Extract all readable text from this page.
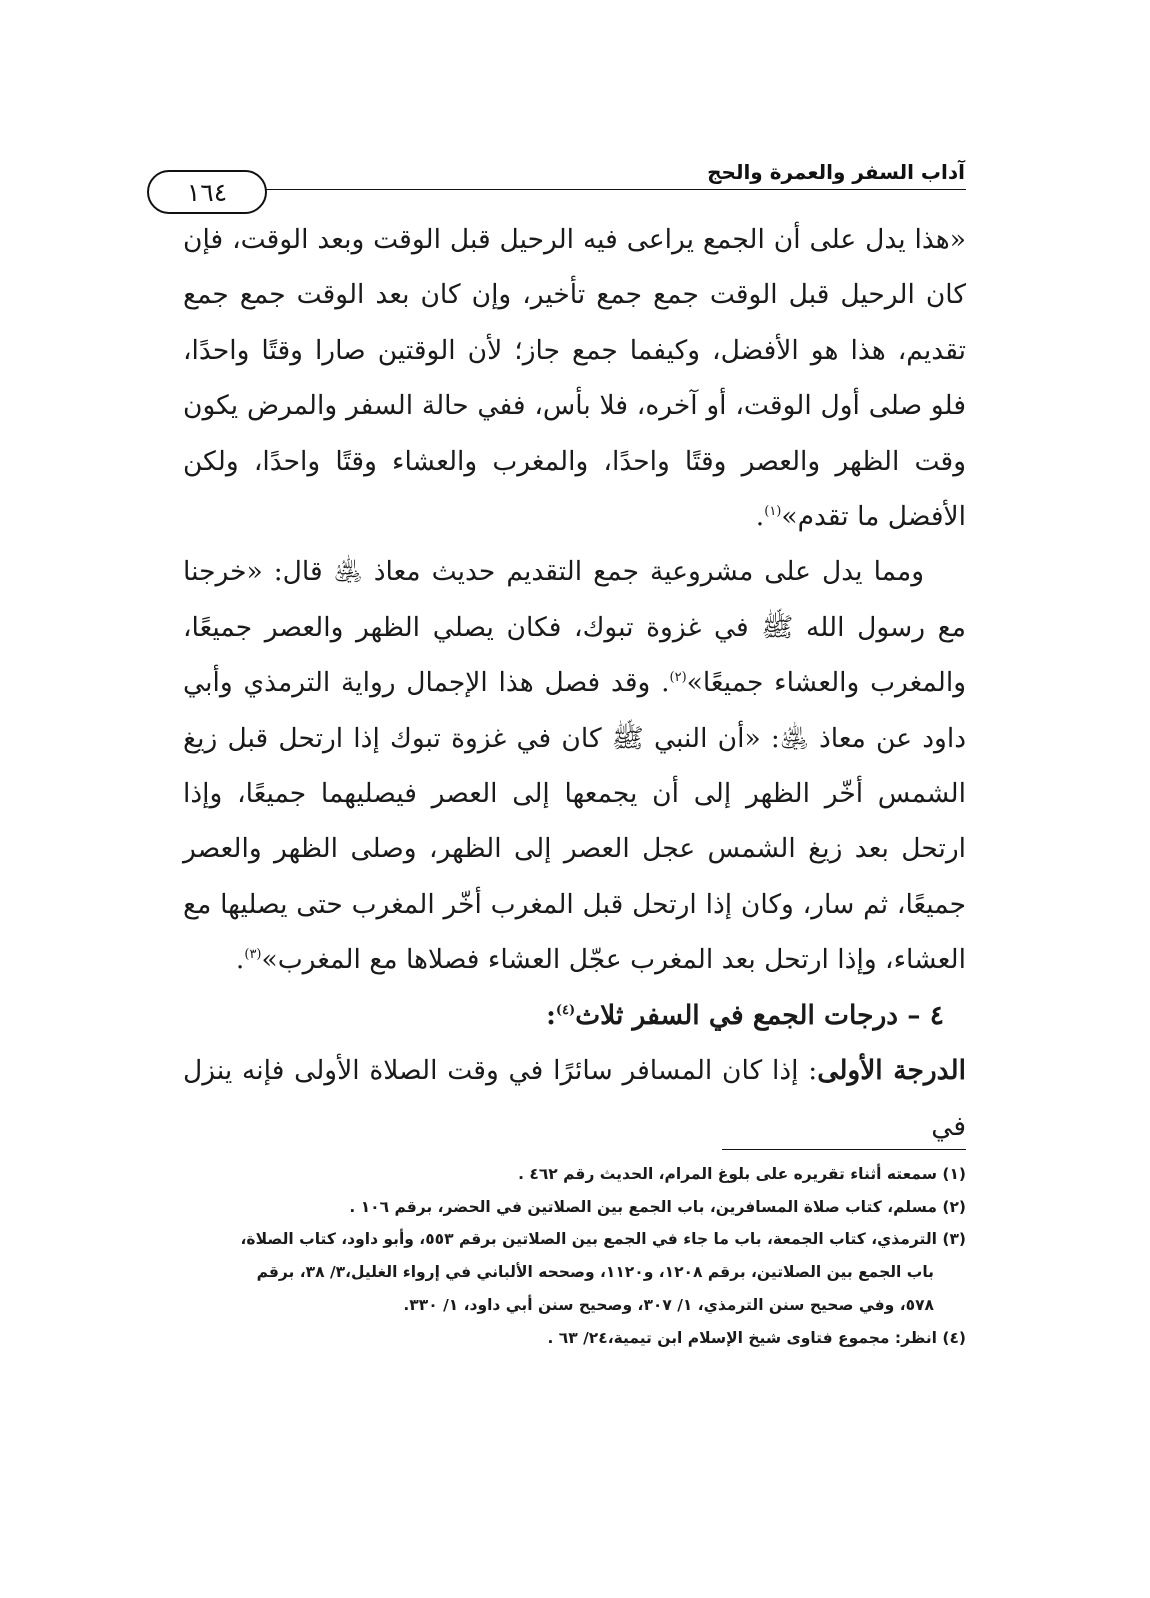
آداب السفر والعمرة والحج
١٦٤

«هذا يدل على أن الجمع يراعى فيه الرحيل قبل الوقت وبعد الوقت، فإن كان الرحيل قبل الوقت جمع جمع تأخير، وإن كان بعد الوقت جمع جمع تقديم، هذا هو الأفضل، وكيفما جمع جاز؛ لأن الوقتين صارا وقتًا واحدًا، فلو صلى أول الوقت، أو آخره، فلا بأس، ففي حالة السفر والمرض يكون وقت الظهر والعصر وقتًا واحدًا، والمغرب والعشاء وقتًا واحدًا، ولكن الأفضل ما تقدم»$^{(١)}$.

ومما يدل على مشروعية جمع التقديم حديث معاذ ﵁ قال: «خرجنا مع رسول الله ﷺ في غزوة تبوك، فكان يصلي الظهر والعصر جميعًا، والمغرب والعشاء جميعًا»$^{(٢)}$. وقد فصل هذا الإجمال رواية الترمذي وأبي داود عن معاذ ﵁: «أن النبي ﷺ كان في غزوة تبوك إذا ارتحل قبل زيغ الشمس أخّر الظهر إلى أن يجمعها إلى العصر فيصليهما جميعًا، وإذا ارتحل بعد زيغ الشمس عجل العصر إلى الظهر، وصلى الظهر والعصر جميعًا، ثم سار، وكان إذا ارتحل قبل المغرب أخّر المغرب حتى يصليها مع العشاء، وإذا ارتحل بعد المغرب عجّل العشاء فصلاها مع المغرب»$^{(٣)}$.

٤ – درجات الجمع في السفر ثلاث$^{(٤)}$:

الدرجة الأولى: إذا كان المسافر سائرًا في وقت الصلاة الأولى فإنه ينزل في

(١) سمعته أثناء تقريره على بلوغ المرام، الحديث رقم ٤٦٢ .

(٢) مسلم، كتاب صلاة المسافرين، باب الجمع بين الصلاتين في الحضر، برقم ١٠٦ .

(٣) الترمذي، كتاب الجمعة، باب ما جاء في الجمع بين الصلاتين برقم ٥٥٣، وأبو داود، كتاب الصلاة،

باب الجمع بين الصلاتين، برقم ١٢٠٨، و١١٢٠، وصححه الألباني في إرواء الغليل،٣/ ٣٨، برقم

٥٧٨، وفي صحيح سنن الترمذي، ١/ ٣٠٧، وصحيح سنن أبي داود، ١/ ٣٣٠.

(٤) انظر: مجموع فتاوى شيخ الإسلام ابن تيمية،٢٤/ ٦٣ .
